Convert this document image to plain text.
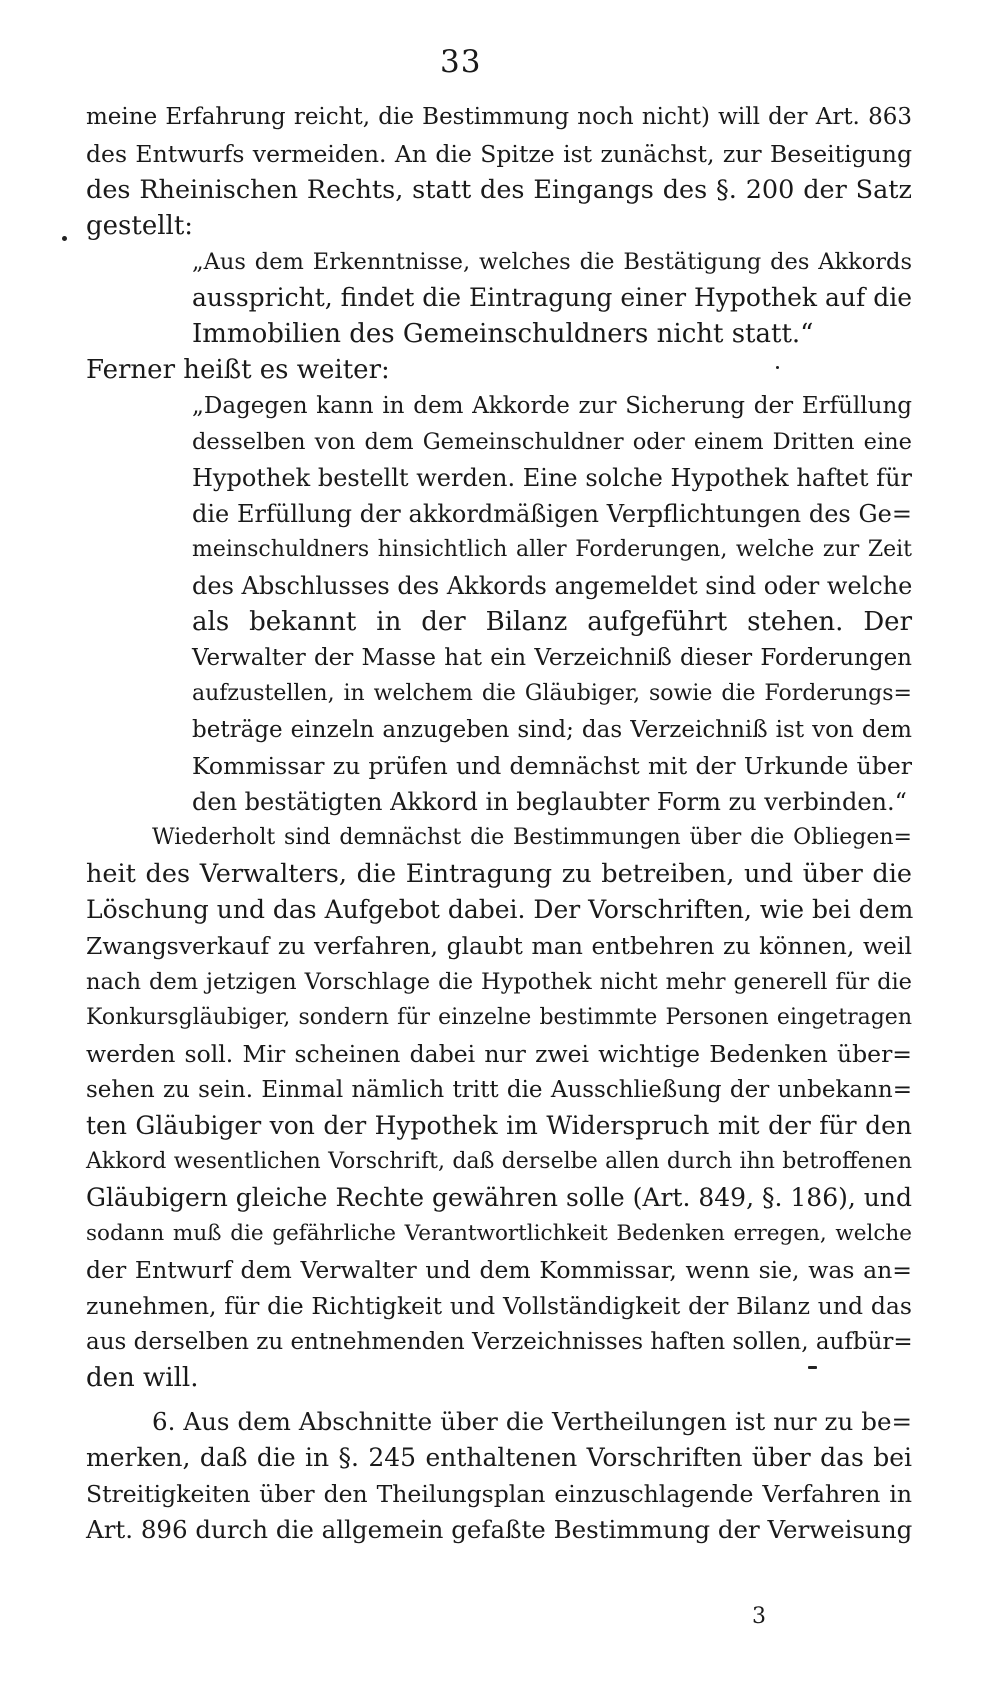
33
meine Erfahrung reicht, die Bestimmung noch nicht) will der Art. 863
des Entwurfs vermeiden. An die Spitze ist zunächst, zur Beseitigung
des Rheinischen Rechts, statt des Eingangs des §. 200 der Satz
gestellt:
„Aus dem Erkenntnisse, welches die Bestätigung des Akkords
ausspricht, findet die Eintragung einer Hypothek auf die
Immobilien des Gemeinschuldners nicht statt.“
Ferner heißt es weiter:
„Dagegen kann in dem Akkorde zur Sicherung der Erfüllung
desselben von dem Gemeinschuldner oder einem Dritten eine
Hypothek bestellt werden. Eine solche Hypothek haftet für
die Erfüllung der akkordmäßigen Verpflichtungen des Ge=
meinschuldners hinsichtlich aller Forderungen, welche zur Zeit
des Abschlusses des Akkords angemeldet sind oder welche
als bekannt in der Bilanz aufgeführt stehen. Der
Verwalter der Masse hat ein Verzeichniß dieser Forderungen
aufzustellen, in welchem die Gläubiger, sowie die Forderungs=
beträge einzeln anzugeben sind; das Verzeichniß ist von dem
Kommissar zu prüfen und demnächst mit der Urkunde über
den bestätigten Akkord in beglaubter Form zu verbinden.“
Wiederholt sind demnächst die Bestimmungen über die Obliegen=
heit des Verwalters, die Eintragung zu betreiben, und über die
Löschung und das Aufgebot dabei. Der Vorschriften, wie bei dem
Zwangsverkauf zu verfahren, glaubt man entbehren zu können, weil
nach dem jetzigen Vorschlage die Hypothek nicht mehr generell für die
Konkursgläubiger, sondern für einzelne bestimmte Personen eingetragen
werden soll. Mir scheinen dabei nur zwei wichtige Bedenken über=
sehen zu sein. Einmal nämlich tritt die Ausschließung der unbekann=
ten Gläubiger von der Hypothek im Widerspruch mit der für den
Akkord wesentlichen Vorschrift, daß derselbe allen durch ihn betroffenen
Gläubigern gleiche Rechte gewähren solle (Art. 849, §. 186), und
sodann muß die gefährliche Verantwortlichkeit Bedenken erregen, welche
der Entwurf dem Verwalter und dem Kommissar, wenn sie, was an=
zunehmen, für die Richtigkeit und Vollständigkeit der Bilanz und das
aus derselben zu entnehmenden Verzeichnisses haften sollen, aufbür=
den will.
6. Aus dem Abschnitte über die Vertheilungen ist nur zu be=
merken, daß die in §. 245 enthaltenen Vorschriften über das bei
Streitigkeiten über den Theilungsplan einzuschlagende Verfahren in
Art. 896 durch die allgemein gefaßte Bestimmung der Verweisung
3
